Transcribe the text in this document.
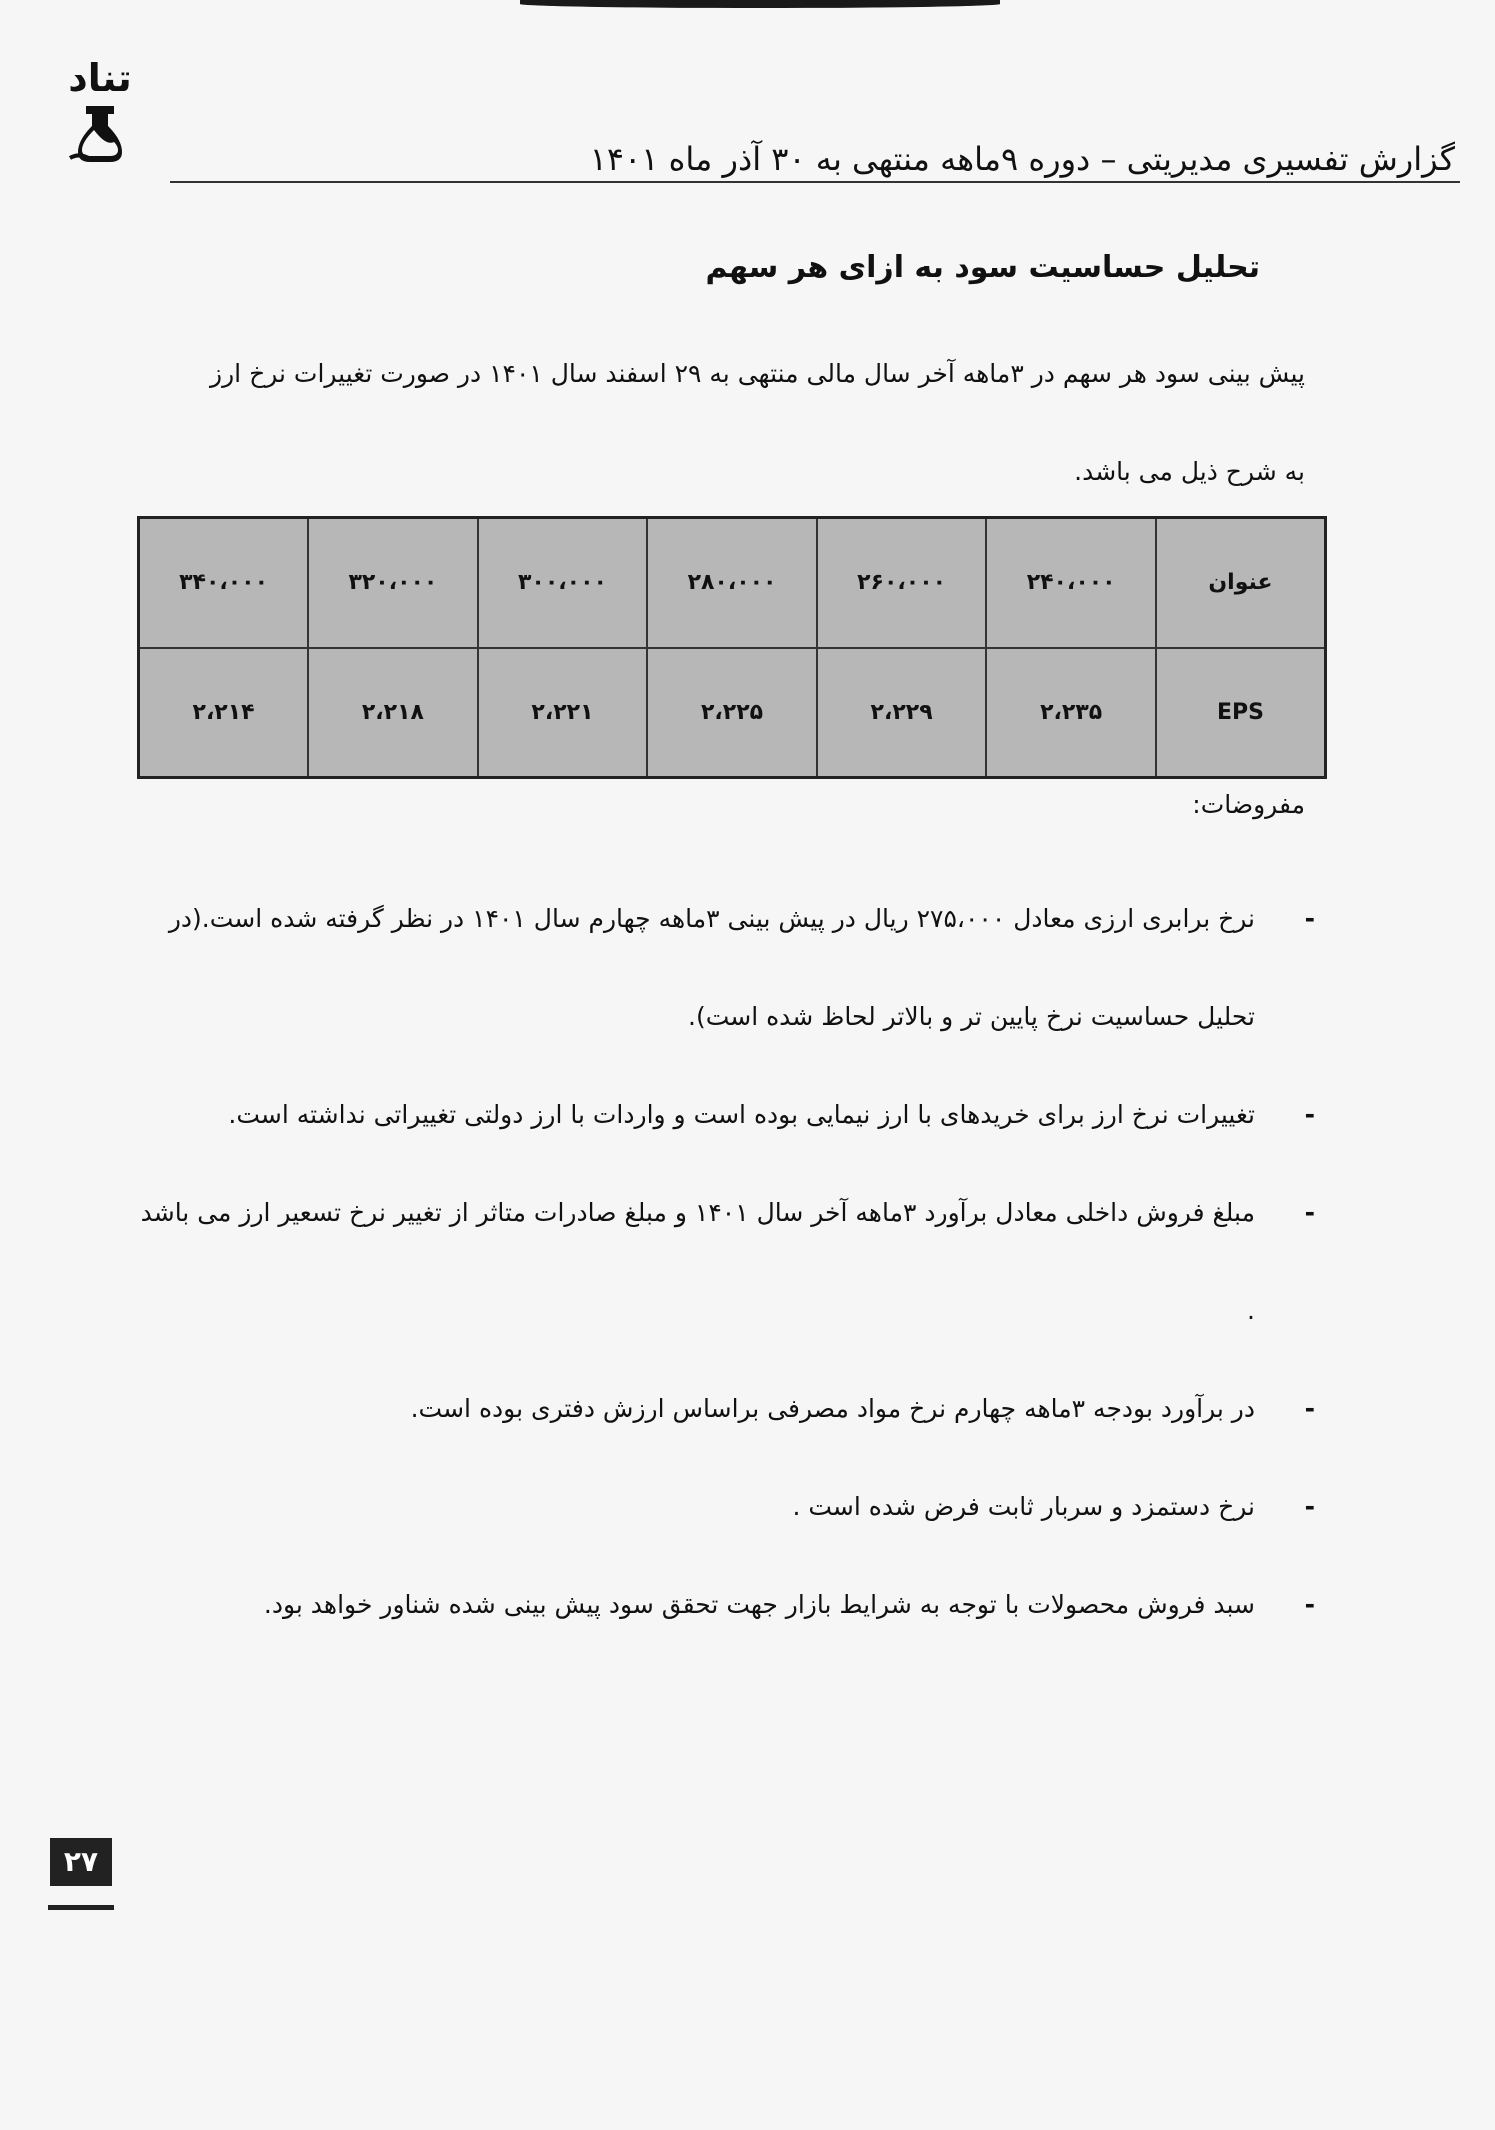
تناد
گزارش تفسیری مدیریتی – دوره ۹ماهه منتهی به ۳۰ آذر ماه ۱۴۰۱
تحلیل حساسیت سود به ازای هر سهم
پیش بینی سود هر سهم در ۳ماهه آخر سال مالی منتهی به ۲۹ اسفند سال ۱۴۰۱ در صورت تغییرات نرخ ارز به شرح ذیل می باشد.
عنوان	۲۴۰،۰۰۰	۲۶۰،۰۰۰	۲۸۰،۰۰۰	۳۰۰،۰۰۰	۳۲۰،۰۰۰	۳۴۰،۰۰۰
EPS	۲،۲۳۵	۲،۲۲۹	۲،۲۲۵	۲،۲۲۱	۲،۲۱۸	۲،۲۱۴
مفروضات:
-
نرخ برابری ارزی معادل ۲۷۵،۰۰۰ ریال در پیش بینی ۳ماهه چهارم سال ۱۴۰۱ در نظر گرفته شده است.(در تحلیل حساسیت نرخ پایین تر و بالاتر لحاظ شده است).
-
تغییرات نرخ ارز برای خریدهای با ارز نیمایی بوده است و واردات با ارز دولتی تغییراتی نداشته است.
-
مبلغ فروش داخلی معادل برآورد ۳ماهه آخر سال ۱۴۰۱ و مبلغ صادرات متاثر از تغییر نرخ تسعیر ارز می باشد .
-
در برآورد بودجه ۳ماهه چهارم نرخ مواد مصرفی براساس ارزش دفتری بوده است.
-
نرخ دستمزد و سربار ثابت فرض شده است .
-
سبد فروش محصولات با توجه به شرایط بازار جهت تحقق سود پیش بینی شده شناور خواهد بود.
۲۷
